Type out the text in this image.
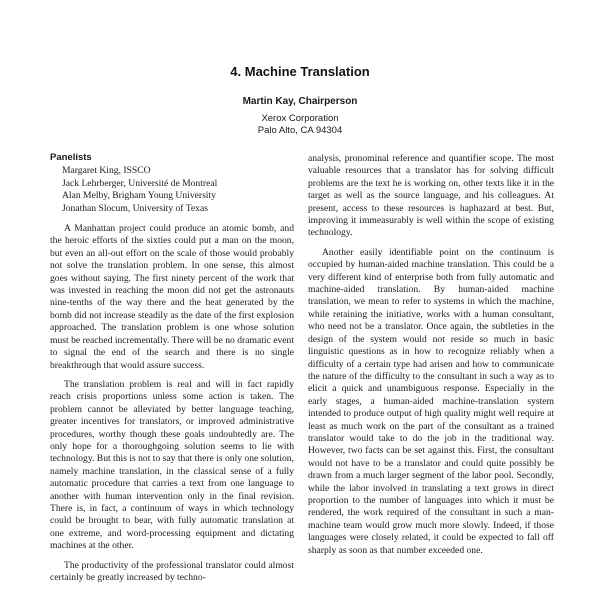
4. Machine Translation
Martin Kay, Chairperson
Xerox Corporation
Palo Alto, CA 94304
Panelists
Margaret King, ISSCO
Jack Lehrberger, Université de Montreal
Alan Melby, Brigham Young University
Jonathan Slocum, University of Texas

A Manhattan project could produce an atomic bomb, and the heroic efforts of the sixties could put a man on the moon, but even an all-out effort on the scale of those would probably not solve the translation problem. In one sense, this almost goes without saying. The first ninety percent of the work that was invested in reaching the moon did not get the astronauts nine-tenths of the way there and the heat generated by the bomb did not increase steadily as the date of the first explosion approached. The translation problem is one whose solution must be reached incrementally. There will be no dramatic event to signal the end of the search and there is no single breakthrough that would assure success.

The translation problem is real and will in fact rapidly reach crisis proportions unless some action is taken. The problem cannot be alleviated by better language teaching, greater incentives for translators, or improved administrative procedures, worthy though these goals undoubtedly are. The only hope for a thoroughgoing solution seems to lie with technology. But this is not to say that there is only one solution, namely machine translation, in the classical sense of a fully automatic procedure that carries a text from one language to another with human intervention only in the final revision. There is, in fact, a continuum of ways in which technology could be brought to bear, with fully automatic translation at one extreme, and word-processing equipment and dictating machines at the other.

The productivity of the professional translator could almost certainly be greatly increased by techno-

analysis, pronominal reference and quantifier scope. The most valuable resources that a translator has for solving difficult problems are the text he is working on, other texts like it in the target as well as the source language, and his colleagues. At present, access to these resources is haphazard at best. But, improving it immeasurably is well within the scope of existing technology.

Another easily identifiable point on the continuum is occupied by human-aided machine translation. This could be a very different kind of enterprise both from fully automatic and machine-aided translation. By human-aided machine translation, we mean to refer to systems in which the machine, while retaining the initiative, works with a human consultant, who need not be a translator. Once again, the subtleties in the design of the system would not reside so much in basic linguistic questions as in how to recognize reliably when a difficulty of a certain type had arisen and how to communicate the nature of the difficulty to the consultant in such a way as to elicit a quick and unambiguous response. Especially in the early stages, a human-aided machine-translation system intended to produce output of high quality might well require at least as much work on the part of the consultant as a trained translator would take to do the job in the traditional way. However, two facts can be set against this. First, the consultant would not have to be a translator and could quite possibly be drawn from a much larger segment of the labor pool. Secondly, while the labor involved in translating a text grows in direct proportion to the number of languages into which it must be rendered, the work required of the consultant in such a man-machine team would grow much more slowly. Indeed, if those languages were closely related, it could be expected to fall off sharply as soon as that number exceeded one.
